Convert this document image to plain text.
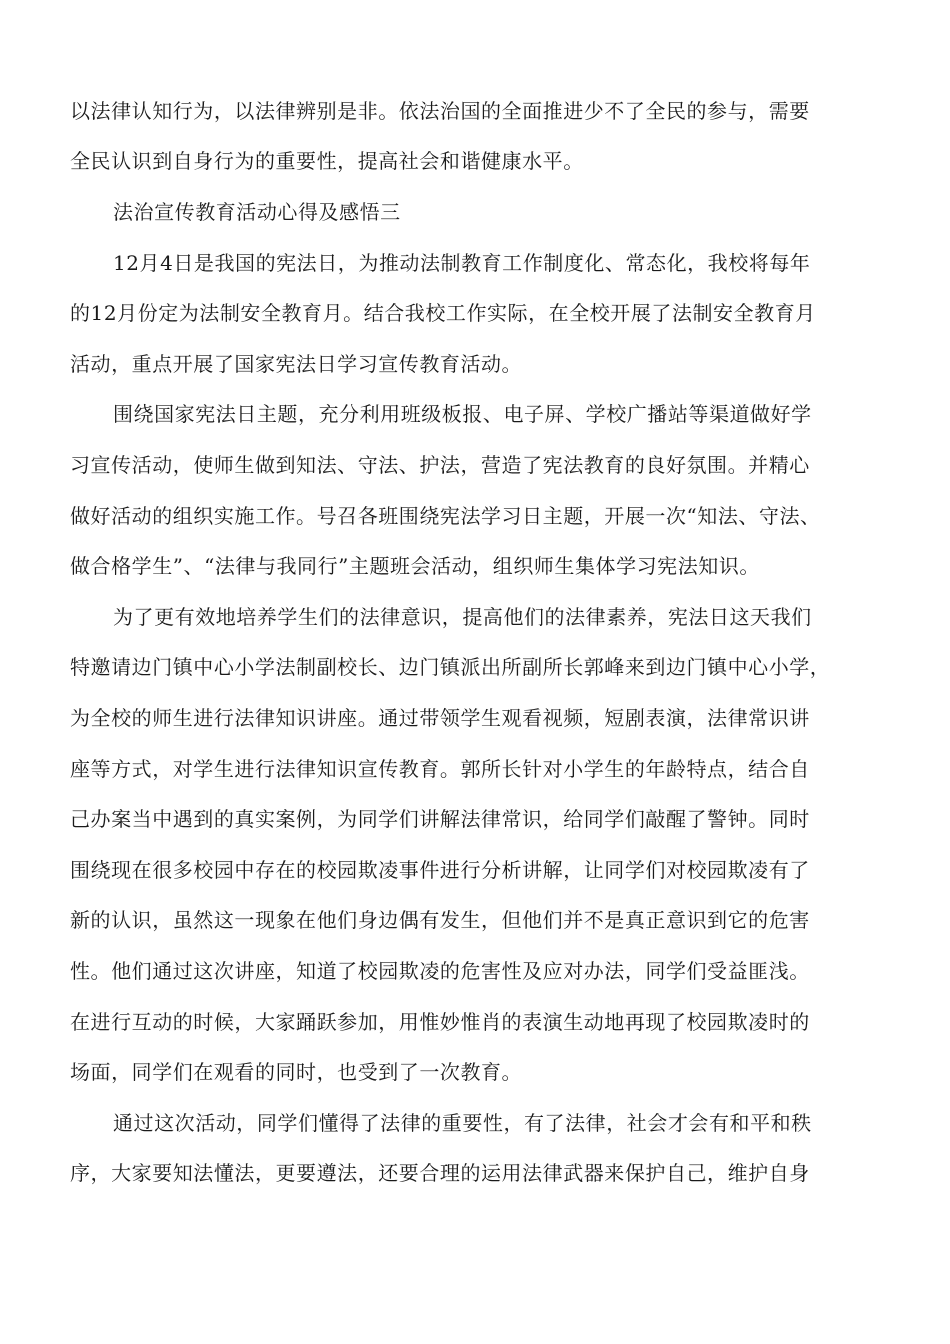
以法律认知行为，以法律辨别是非。依法治国的全面推进少不了全民的参与，需要
全民认识到自身行为的重要性，提高社会和谐健康水平。
法治宣传教育活动心得及感悟三
12月4日是我国的宪法日，为推动法制教育工作制度化、常态化，我校将每年
的12月份定为法制安全教育月。结合我校工作实际，在全校开展了法制安全教育月
活动，重点开展了国家宪法日学习宣传教育活动。
围绕国家宪法日主题，充分利用班级板报、电子屏、学校广播站等渠道做好学
习宣传活动，使师生做到知法、守法、护法，营造了宪法教育的良好氛围。并精心
做好活动的组织实施工作。号召各班围绕宪法学习日主题，开展一次“知法、守法、
做合格学生”、“法律与我同行”主题班会活动，组织师生集体学习宪法知识。
为了更有效地培养学生们的法律意识，提高他们的法律素养，宪法日这天我们
特邀请边门镇中心小学法制副校长、边门镇派出所副所长郭峰来到边门镇中心小学，
为全校的师生进行法律知识讲座。通过带领学生观看视频，短剧表演，法律常识讲
座等方式，对学生进行法律知识宣传教育。郭所长针对小学生的年龄特点，结合自
己办案当中遇到的真实案例，为同学们讲解法律常识，给同学们敲醒了警钟。同时
围绕现在很多校园中存在的校园欺凌事件进行分析讲解，让同学们对校园欺凌有了
新的认识，虽然这一现象在他们身边偶有发生，但他们并不是真正意识到它的危害
性。他们通过这次讲座，知道了校园欺凌的危害性及应对办法，同学们受益匪浅。
在进行互动的时候，大家踊跃参加，用惟妙惟肖的表演生动地再现了校园欺凌时的
场面，同学们在观看的同时，也受到了一次教育。
通过这次活动，同学们懂得了法律的重要性，有了法律，社会才会有和平和秩
序，大家要知法懂法，更要遵法，还要合理的运用法律武器来保护自己，维护自身
